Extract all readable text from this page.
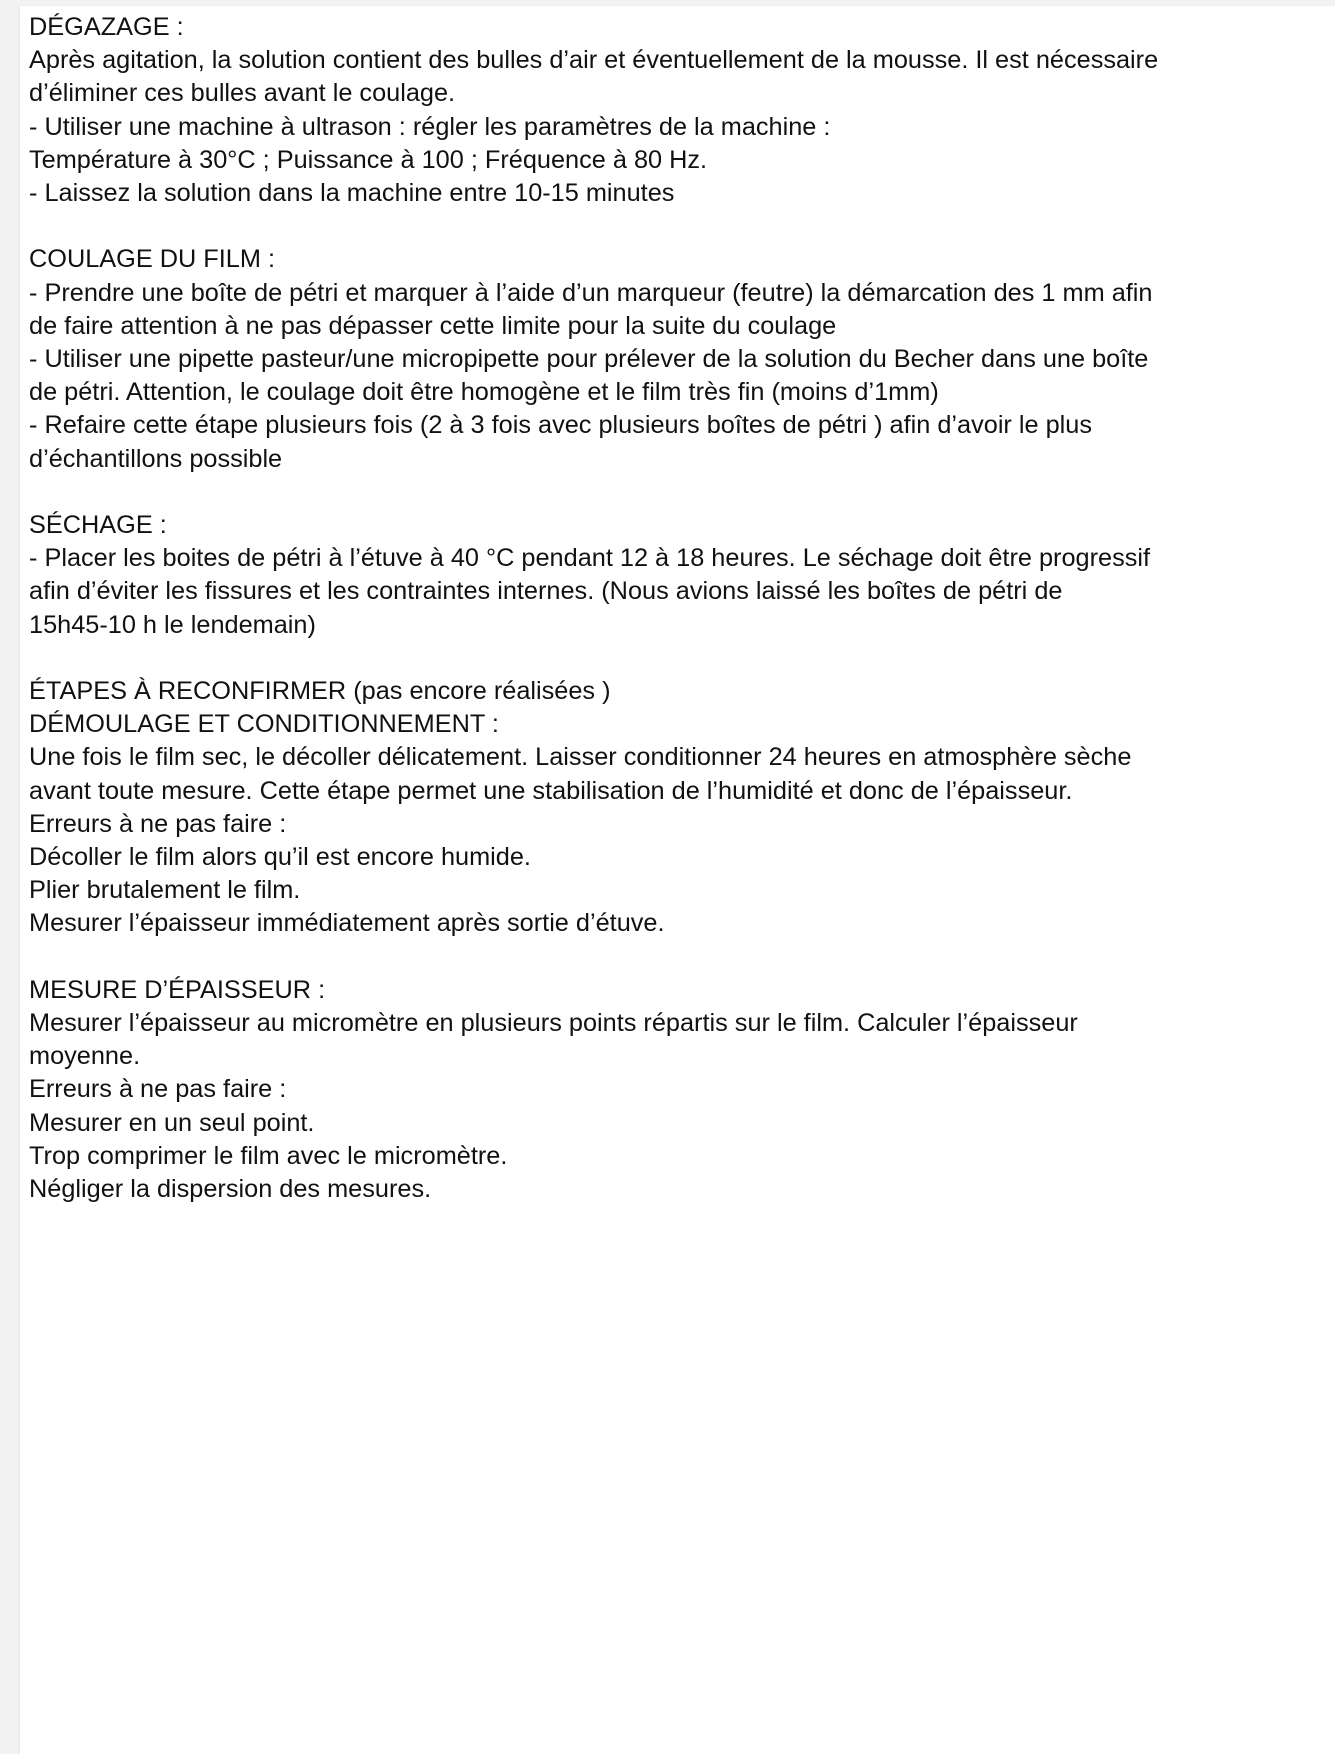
DÉGAZAGE :
Après agitation, la solution contient des bulles d’air et éventuellement de la mousse. Il est nécessaire
d’éliminer ces bulles avant le coulage.
- Utiliser une machine à ultrason : régler les paramètres de la machine :
Température à 30°C ; Puissance à 100 ; Fréquence à 80 Hz.
- Laissez la solution dans la machine entre 10-15 minutes
COULAGE DU FILM :
- Prendre une boîte de pétri et marquer à l’aide d’un marqueur (feutre) la démarcation des 1 mm afin
de faire attention à ne pas dépasser cette limite pour la suite du coulage
- Utiliser une pipette pasteur/une micropipette pour prélever de la solution du Becher dans une boîte
de pétri. Attention, le coulage doit être homogène et le film très fin (moins d’1mm)
- Refaire cette étape plusieurs fois (2 à 3 fois avec plusieurs boîtes de pétri ) afin d’avoir le plus
d’échantillons possible
SÉCHAGE :
- Placer les boites de pétri à l’étuve à 40 °C pendant 12 à 18 heures. Le séchage doit être progressif
afin d’éviter les fissures et les contraintes internes. (Nous avions laissé les boîtes de pétri de
15h45-10 h le lendemain)
ÉTAPES À RECONFIRMER (pas encore réalisées )
DÉMOULAGE ET CONDITIONNEMENT :
Une fois le film sec, le décoller délicatement. Laisser conditionner 24 heures en atmosphère sèche
avant toute mesure. Cette étape permet une stabilisation de l’humidité et donc de l’épaisseur.
Erreurs à ne pas faire :
Décoller le film alors qu’il est encore humide.
Plier brutalement le film.
Mesurer l’épaisseur immédiatement après sortie d’étuve.
MESURE D’ÉPAISSEUR :
Mesurer l’épaisseur au micromètre en plusieurs points répartis sur le film. Calculer l’épaisseur
moyenne.
Erreurs à ne pas faire :
Mesurer en un seul point.
Trop comprimer le film avec le micromètre.
Négliger la dispersion des mesures.
